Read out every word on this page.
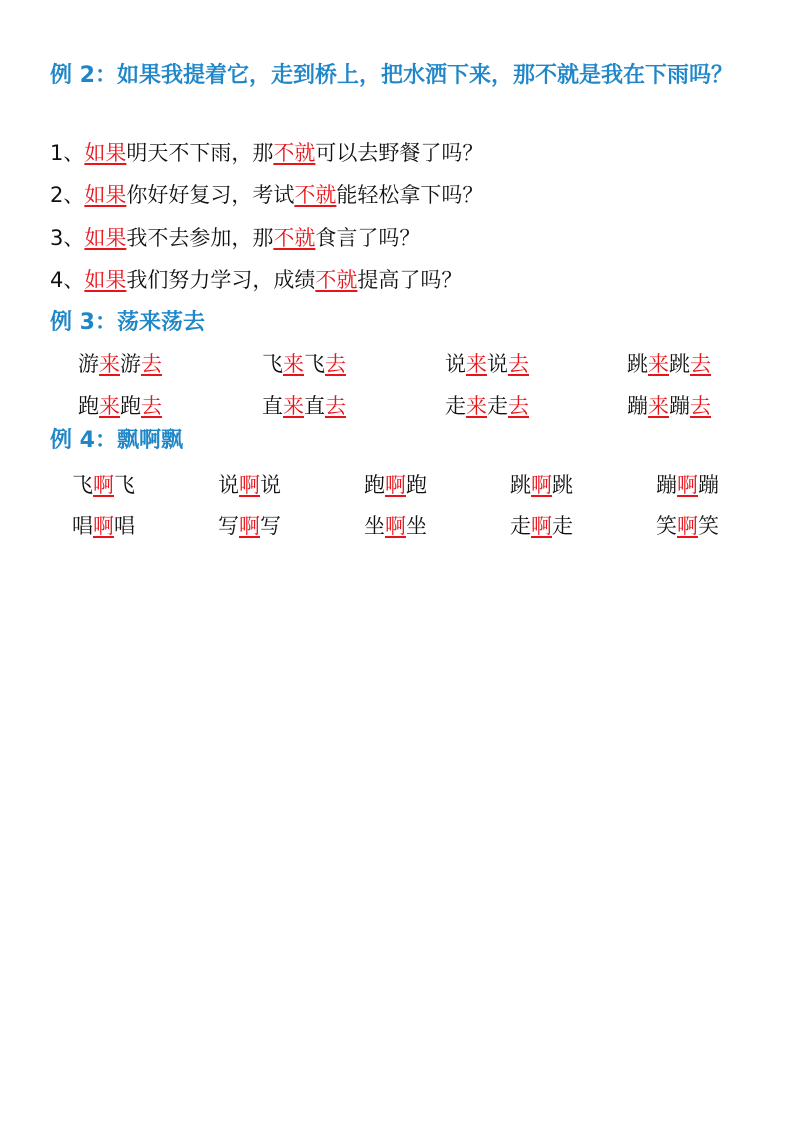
例 2：如果我提着它，走到桥上，把水洒下来，那不就是我在下雨吗？
1、如果明天不下雨，那不就可以去野餐了吗？
2、如果你好好复习，考试不就能轻松拿下吗？
3、如果我不去参加，那不就食言了吗？
4、如果我们努力学习，成绩不就提高了吗？
例 3：荡来荡去
游来游去	飞来飞去	说来说去	跳来跳去
跑来跑去	直来直去	走来走去	蹦来蹦去
例 4：飘啊飘
飞啊飞	说啊说	跑啊跑	跳啊跳	蹦啊蹦
唱啊唱	写啊写	坐啊坐	走啊走	笑啊笑
